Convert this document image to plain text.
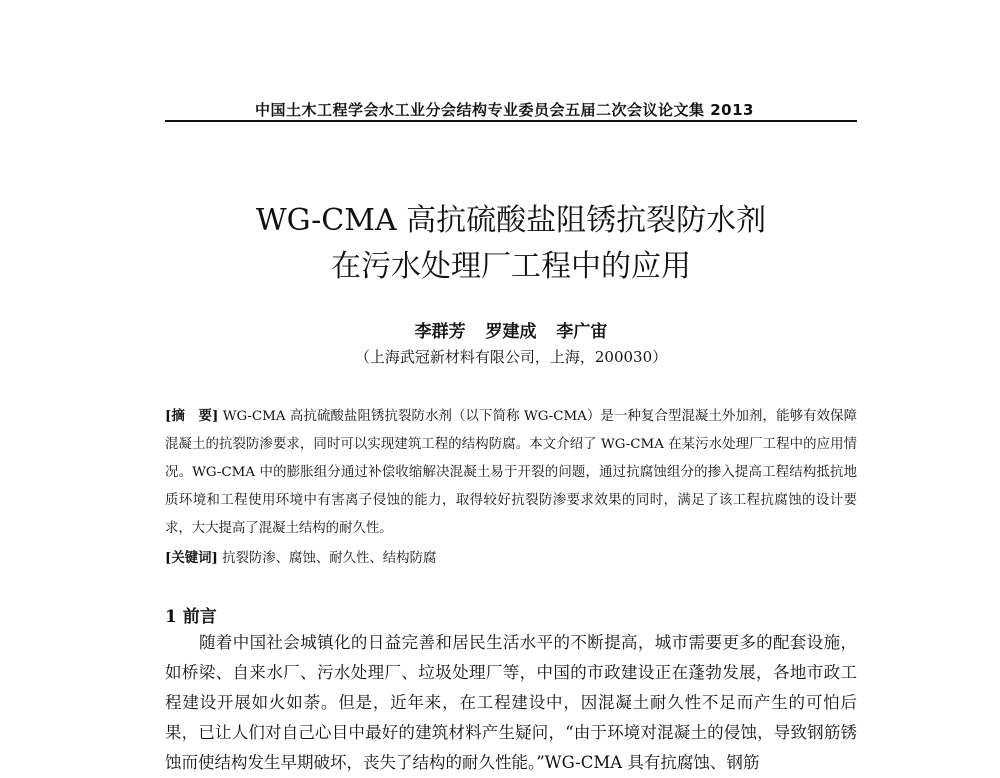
中国土木工程学会水工业分会结构专业委员会五届二次会议论文集 2013
WG-CMA 高抗硫酸盐阻锈抗裂防水剂
在污水处理厂工程中的应用
李群芳 罗建成 李广宙
（上海武冠新材料有限公司，上海，200030）
[摘　要] WG-CMA 高抗硫酸盐阻锈抗裂防水剂（以下简称 WG-CMA）是一种复合型混凝土外加剂，能够有效保障混凝土的抗裂防渗要求，同时可以实现建筑工程的结构防腐。本文介绍了 WG-CMA 在某污水处理厂工程中的应用情况。WG-CMA 中的膨胀组分通过补偿收缩解决混凝土易于开裂的问题，通过抗腐蚀组分的掺入提高工程结构抵抗地质环境和工程使用环境中有害离子侵蚀的能力，取得较好抗裂防渗要求效果的同时，满足了该工程抗腐蚀的设计要求，大大提高了混凝土结构的耐久性。
[关键词] 抗裂防渗、腐蚀、耐久性、结构防腐
1 前言
随着中国社会城镇化的日益完善和居民生活水平的不断提高，城市需要更多的配套设施，如桥梁、自来水厂、污水处理厂、垃圾处理厂等，中国的市政建设正在蓬勃发展，各地市政工程建设开展如火如荼。但是，近年来，在工程建设中，因混凝土耐久性不足而产生的可怕后果，已让人们对自己心目中最好的建筑材料产生疑问，“由于环境对混凝土的侵蚀，导致钢筋锈蚀而使结构发生早期破坏，丧失了结构的耐久性能。”WG-CMA 具有抗腐蚀、钢筋
